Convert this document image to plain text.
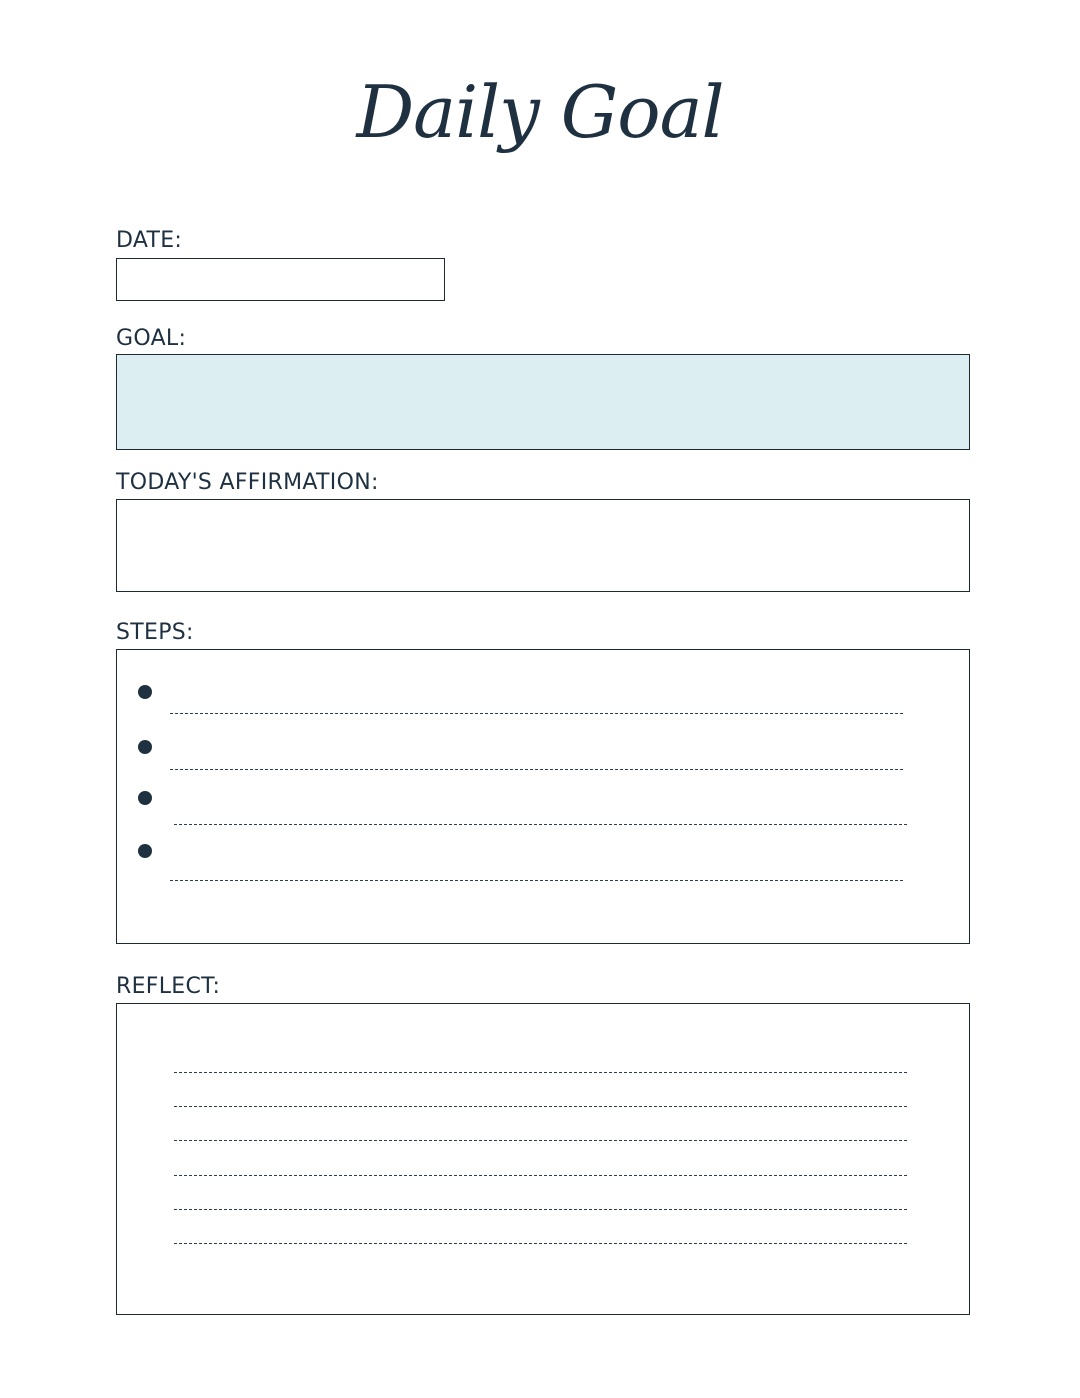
Daily Goal
DATE:
GOAL:
TODAY'S AFFIRMATION:
STEPS:
REFLECT:
